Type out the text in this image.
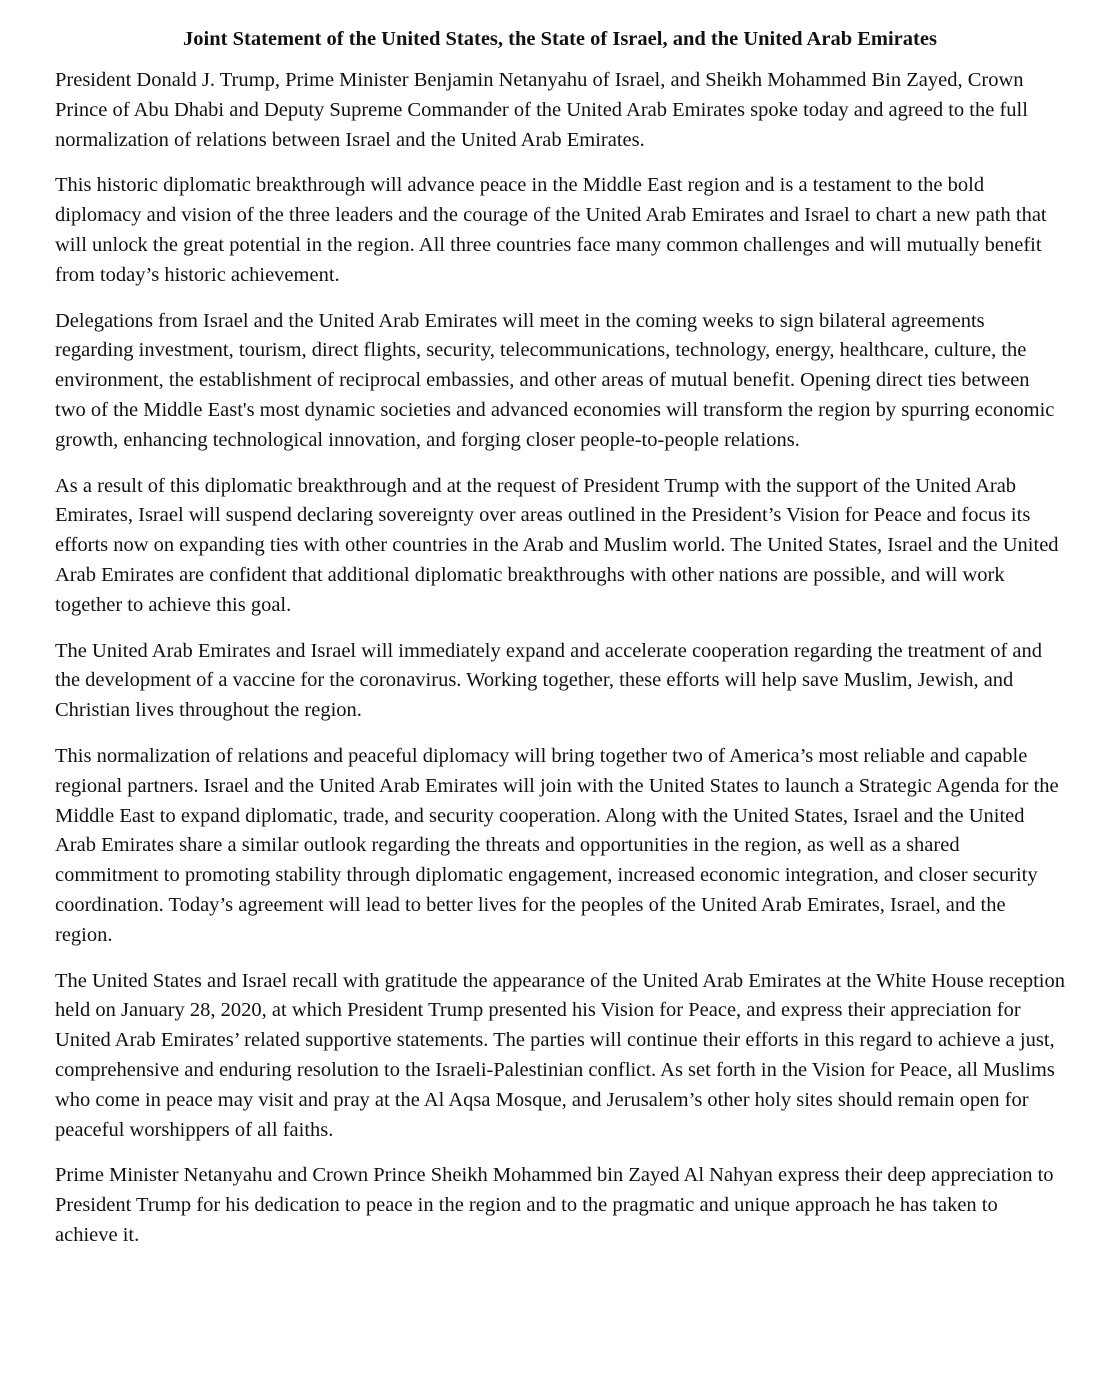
Joint Statement of the United States, the State of Israel, and the United Arab Emirates

President Donald J. Trump, Prime Minister Benjamin Netanyahu of Israel, and Sheikh Mohammed Bin Zayed, Crown Prince of Abu Dhabi and Deputy Supreme Commander of the United Arab Emirates spoke today and agreed to the full normalization of relations between Israel and the United Arab Emirates.

This historic diplomatic breakthrough will advance peace in the Middle East region and is a testament to the bold diplomacy and vision of the three leaders and the courage of the United Arab Emirates and Israel to chart a new path that will unlock the great potential in the region. All three countries face many common challenges and will mutually benefit from today’s historic achievement.

Delegations from Israel and the United Arab Emirates will meet in the coming weeks to sign bilateral agreements regarding investment, tourism, direct flights, security, telecommunications, technology, energy, healthcare, culture, the environment, the establishment of reciprocal embassies, and other areas of mutual benefit. Opening direct ties between two of the Middle East's most dynamic societies and advanced economies will transform the region by spurring economic growth, enhancing technological innovation, and forging closer people-to-people relations.

As a result of this diplomatic breakthrough and at the request of President Trump with the support of the United Arab Emirates, Israel will suspend declaring sovereignty over areas outlined in the President’s Vision for Peace and focus its efforts now on expanding ties with other countries in the Arab and Muslim world. The United States, Israel and the United Arab Emirates are confident that additional diplomatic breakthroughs with other nations are possible, and will work together to achieve this goal.

The United Arab Emirates and Israel will immediately expand and accelerate cooperation regarding the treatment of and the development of a vaccine for the coronavirus. Working together, these efforts will help save Muslim, Jewish, and Christian lives throughout the region.

This normalization of relations and peaceful diplomacy will bring together two of America’s most reliable and capable regional partners. Israel and the United Arab Emirates will join with the United States to launch a Strategic Agenda for the Middle East to expand diplomatic, trade, and security cooperation. Along with the United States, Israel and the United Arab Emirates share a similar outlook regarding the threats and opportunities in the region, as well as a shared commitment to promoting stability through diplomatic engagement, increased economic integration, and closer security coordination. Today’s agreement will lead to better lives for the peoples of the United Arab Emirates, Israel, and the region.

The United States and Israel recall with gratitude the appearance of the United Arab Emirates at the White House reception held on January 28, 2020, at which President Trump presented his Vision for Peace, and express their appreciation for United Arab Emirates’ related supportive statements. The parties will continue their efforts in this regard to achieve a just, comprehensive and enduring resolution to the Israeli-Palestinian conflict. As set forth in the Vision for Peace, all Muslims who come in peace may visit and pray at the Al Aqsa Mosque, and Jerusalem’s other holy sites should remain open for peaceful worshippers of all faiths.

Prime Minister Netanyahu and Crown Prince Sheikh Mohammed bin Zayed Al Nahyan express their deep appreciation to President Trump for his dedication to peace in the region and to the pragmatic and unique approach he has taken to achieve it.
